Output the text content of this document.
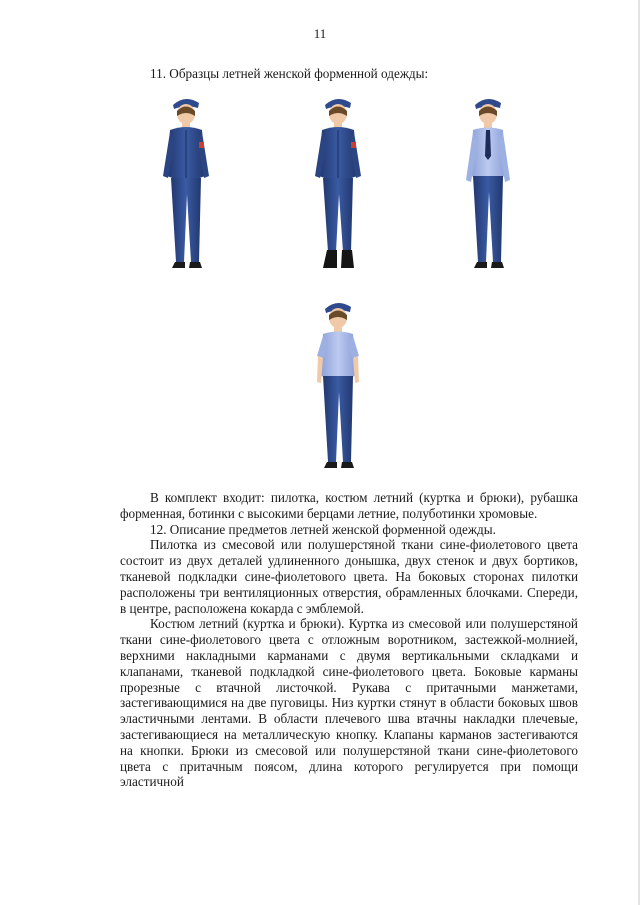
11
11. Образцы летней женской форменной одежды:

В комплект входит: пилотка, костюм летний (куртка и брюки), рубашка форменная, ботинки с высокими берцами летние, полуботинки хромовые.

12. Описание предметов летней женской форменной одежды.

Пилотка из смесовой или полушерстяной ткани сине-фиолетового цвета состоит из двух деталей удлиненного донышка, двух стенок и двух бортиков, тканевой подкладки сине-фиолетового цвета. На боковых сторонах пилотки расположены три вентиляционных отверстия, обрамленных блочками. Спереди, в центре, расположена кокарда с эмблемой.

Костюм летний (куртка и брюки). Куртка из смесовой или полушерстяной ткани сине-фиолетового цвета с отложным воротником, застежкой-молнией, верхними накладными карманами с двумя вертикальными складками и клапанами, тканевой подкладкой сине-фиолетового цвета. Боковые карманы прорезные с втачной листочкой. Рукава с притачными манжетами, застегивающимися на две пуговицы. Низ куртки стянут в области боковых швов эластичными лентами. В области плечевого шва втачны накладки плечевые, застегивающиеся на металлическую кнопку. Клапаны карманов застегиваются на кнопки. Брюки из смесовой или полушерстяной ткани сине-фиолетового цвета с притачным поясом, длина которого регулируется при помощи эластичной
